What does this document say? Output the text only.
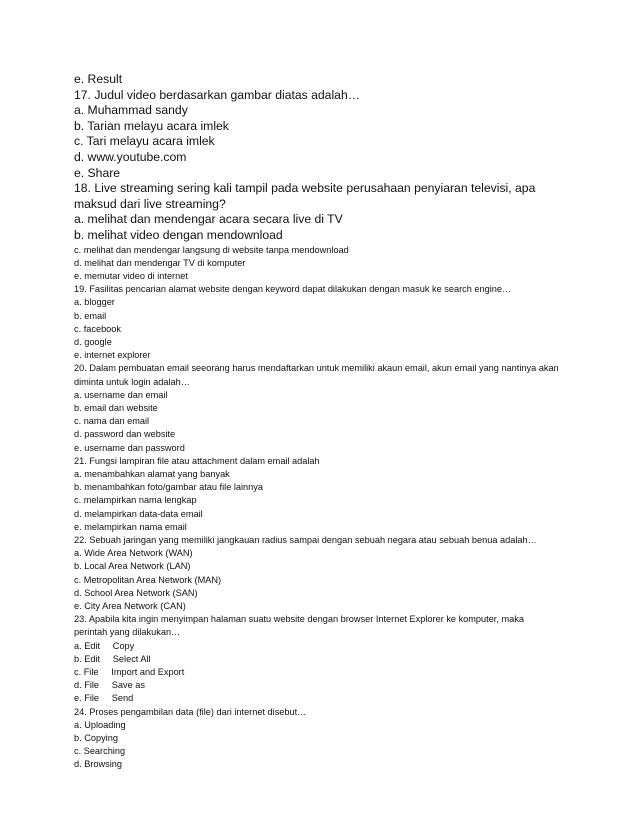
e. Result
17. Judul video berdasarkan gambar diatas adalah…
a. Muhammad sandy
b. Tarian melayu acara imlek
c. Tari melayu acara imlek
d. www.youtube.com
e. Share
18. Live streaming sering kali tampil pada website perusahaan penyiaran televisi, apa maksud dari live streaming?
a. melihat dan mendengar acara secara live di TV
b. melihat video dengan mendownload
c. melihat dan mendengar langsung di website tanpa mendownload
d. melihat dan mendengar TV di komputer
e. memutar video di internet
19. Fasilitas pencarian alamat website dengan keyword dapat dilakukan dengan masuk ke search engine…
a. blogger
b. email
c. facebook
d. google
e. internet explorer
20. Dalam pembuatan email seeorang harus mendaftarkan untuk memiliki akaun email, akun email yang nantinya akan diminta untuk login adalah…
a. username dan email
b. email dan website
c. nama dan email
d. password dan website
e. username dan password
21. Fungsi lampiran file atau attachment dalam email adalah
a. menambahkan alamat yang banyak
b. menambahkan foto/gambar atau file lainnya
c. melampirkan nama lengkap
d. melampirkan data-data email
e. melampirkan nama email
22. Sebuah jaringan yang memiliki jangkauan radius sampai dengan sebuah negara atau sebuah benua adalah…
a. Wide Area Network (WAN)
b. Local Area Network (LAN)
c. Metropolitan Area Network (MAN)
d. School Area Network (SAN)
e. City Area Network (CAN)
23. Apabila kita ingin menyimpan halaman suatu website dengan browser Internet Explorer ke komputer, maka perintah yang dilakukan…
a. Edit     Copy
b. Edit     Select All
c. File     Import and Export
d. File     Save as
e. File     Send
24. Proses pengambilan data (file) dari internet disebut…
a. Uploading
b. Copying
c. Searching
d. Browsing
